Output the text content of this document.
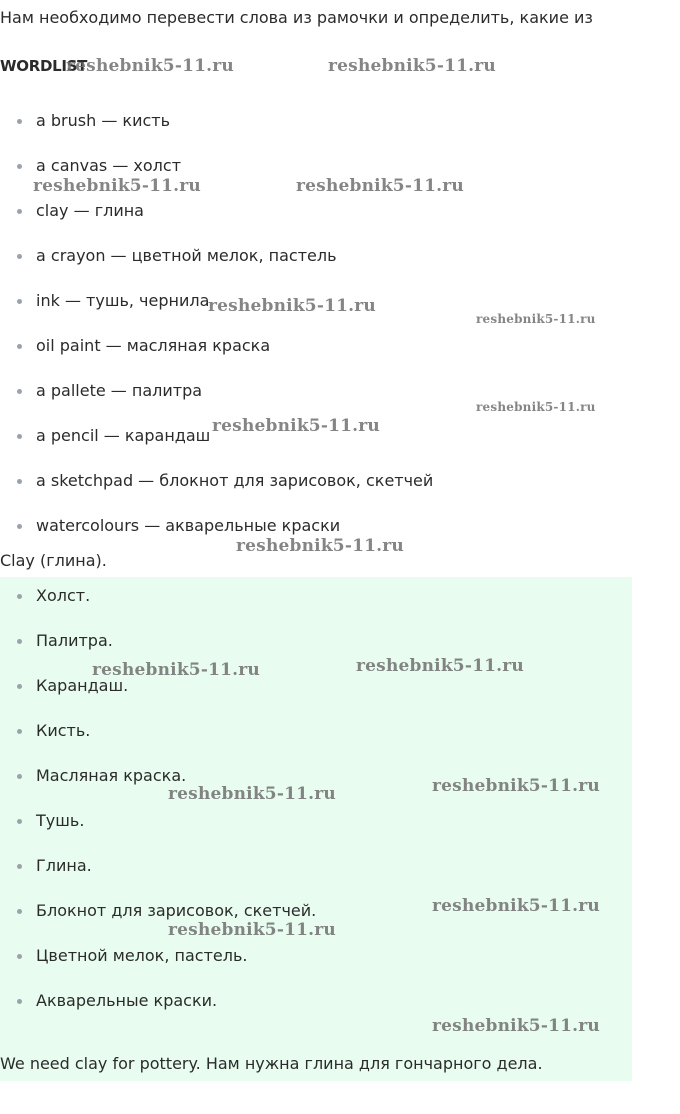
Нам необходимо перевести слова из рамочки и определить, какие из
WORDLIST
a brush — кисть
a canvas — холст
clay — глина
a crayon — цветной мелок, пастель
ink — тушь, чернила
oil paint — масляная краска
a pallete — палитра
a pencil — карандаш
a sketchpad — блокнот для зарисовок, скетчей
watercolours — акварельные краски
Clay (глина).
Холст.
Палитра.
Карандаш.
Кисть.
Масляная краска.
Тушь.
Глина.
Блокнот для зарисовок, скетчей.
Цветной мелок, пастель.
Акварельные краски.
We need clay for pottery. Нам нужна глина для гончарного дела.
reshebnik5-11.ru	reshebnik5-11.ru
reshebnik5-11.ru	reshebnik5-11.ru
reshebnik5-11.ru
reshebnik5-11.ru
reshebnik5-11.ru
reshebnik5-11.ru
reshebnik5-11.ru
reshebnik5-11.ru	reshebnik5-11.ru
reshebnik5-11.ru
reshebnik5-11.ru
reshebnik5-11.ru
reshebnik5-11.ru
reshebnik5-11.ru
